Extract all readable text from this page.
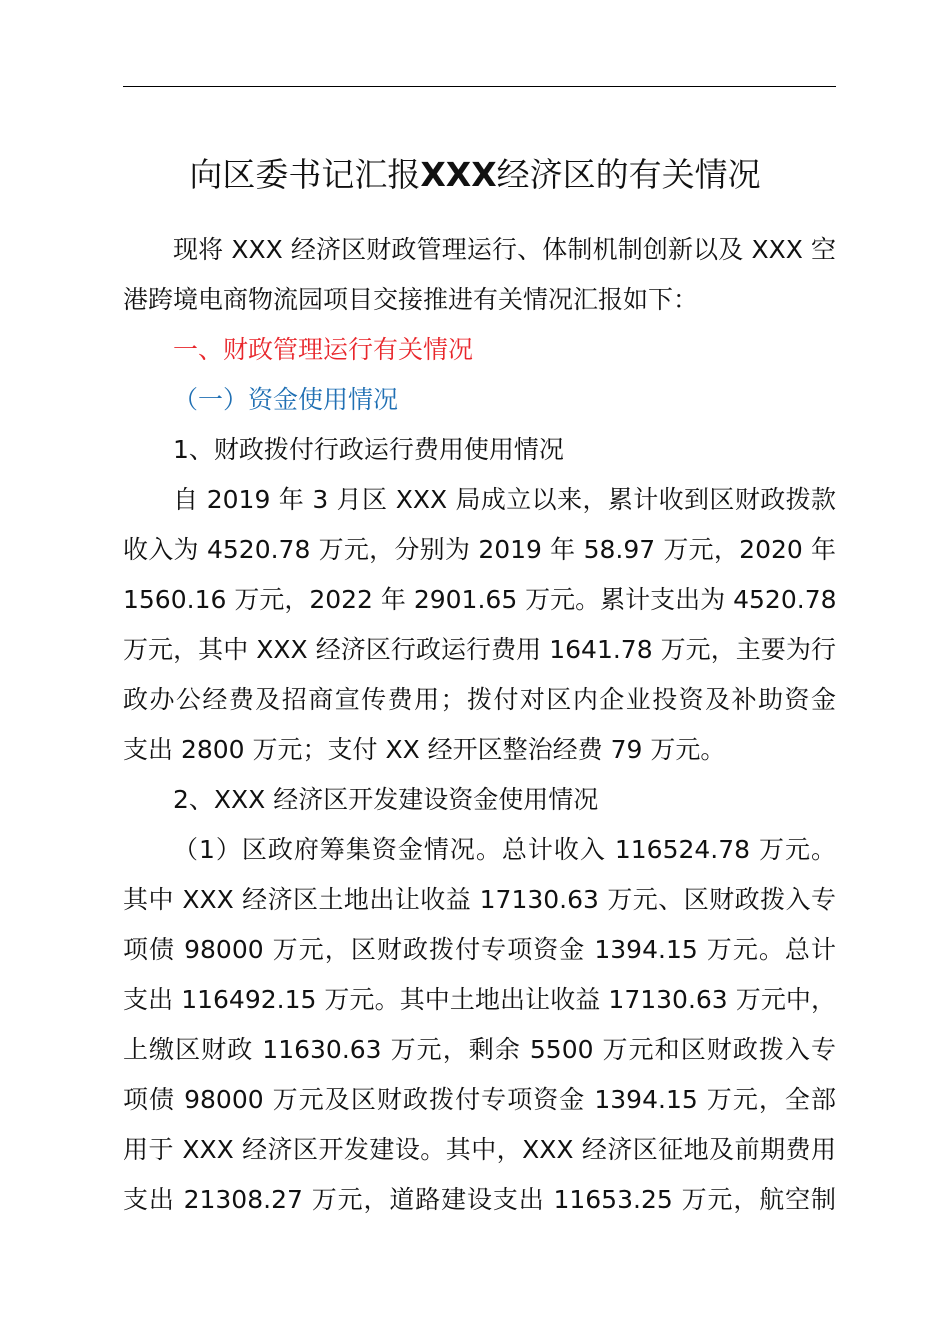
向区委书记汇报XXX经济区的有关情况

现将 XXX 经济区财政管理运行、体制机制创新以及 XXX 空
港跨境电商物流园项目交接推进有关情况汇报如下：

一、财政管理运行有关情况

（一）资金使用情况

1、财政拨付行政运行费用使用情况

自 2019 年 3 月区 XXX 局成立以来，累计收到区财政拨款
收入为 4520.78 万元，分别为 2019 年 58.97 万元，2020 年
1560.16 万元，2022 年 2901.65 万元。累计支出为 4520.78
万元，其中 XXX 经济区行政运行费用 1641.78 万元，主要为行
政办公经费及招商宣传费用；拨付对区内企业投资及补助资金
支出 2800 万元；支付 XX 经开区整治经费 79 万元。

2、XXX 经济区开发建设资金使用情况

（1）区政府筹集资金情况。总计收入 116524.78 万元。
其中 XXX 经济区土地出让收益 17130.63 万元、区财政拨入专
项债 98000 万元，区财政拨付专项资金 1394.15 万元。总计
支出 116492.15 万元。其中土地出让收益 17130.63 万元中，
上缴区财政 11630.63 万元，剩余 5500 万元和区财政拨入专
项债 98000 万元及区财政拨付专项资金 1394.15 万元，全部
用于 XXX 经济区开发建设。其中，XXX 经济区征地及前期费用
支出 21308.27 万元，道路建设支出 11653.25 万元，航空制
